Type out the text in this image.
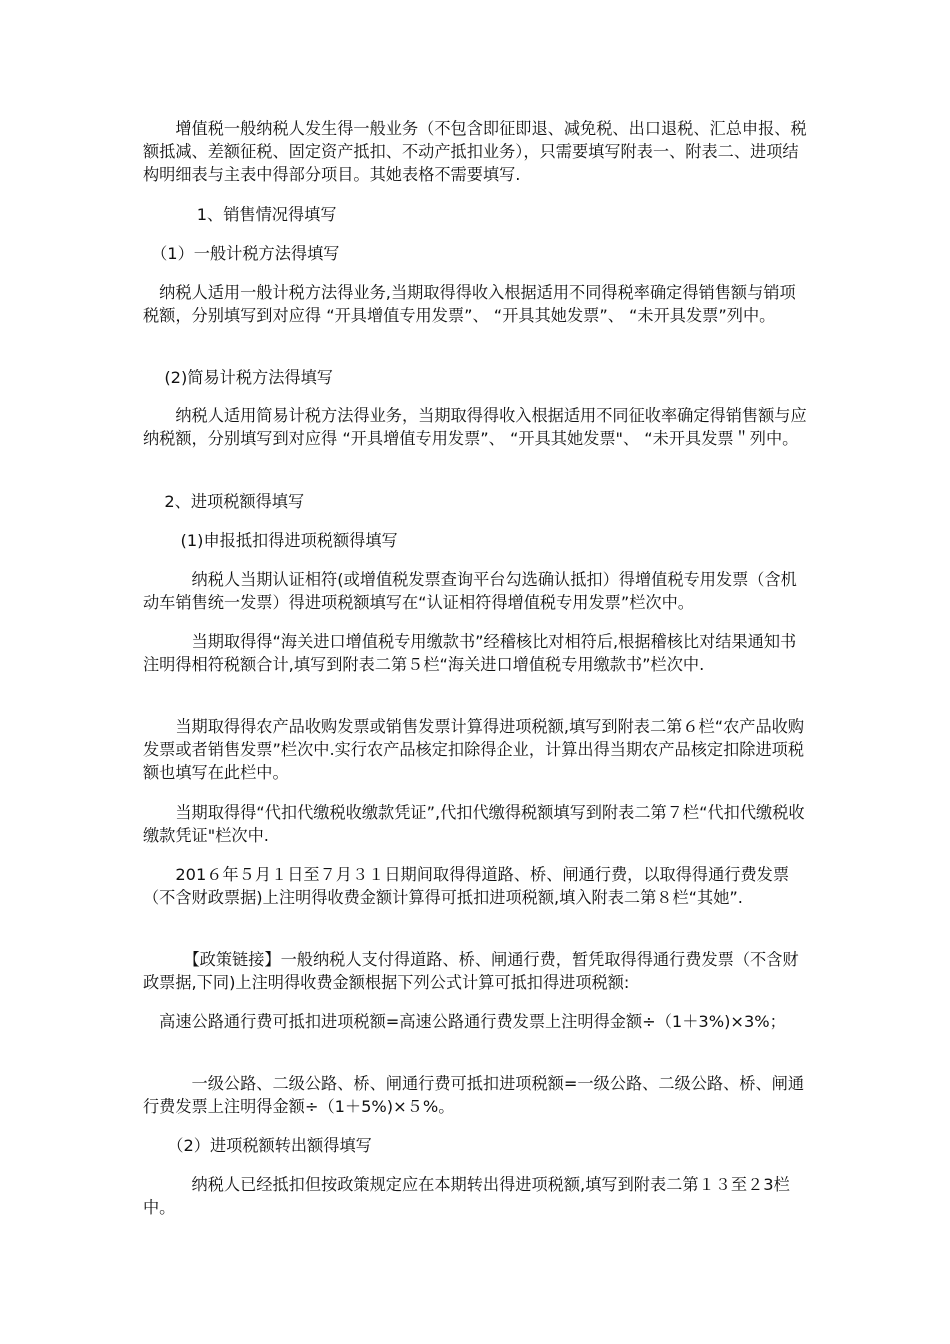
　　增值税一般纳税人发生得一般业务（不包含即征即退、减免税、出口退税、汇总申报、税额抵减、差额征税、固定资产抵扣、不动产抵扣业务），只需要填写附表一、附表二、进项结构明细表与主表中得部分项目。其她表格不需要填写.

　　　 1、销售情况得填写

　（1）一般计税方法得填写

　纳税人适用一般计税方法得业务,当期取得得收入根据适用不同得税率确定得销售额与销项税额，分别填写到对应得 “开具增值专用发票”、 “开具其她发票”、 “未开具发票”列中。

　 (2)简易计税方法得填写

　　纳税人适用简易计税方法得业务，当期取得得收入根据适用不同征收率确定得销售额与应纳税额，分别填写到对应得 “开具增值专用发票”、 “开具其她发票"、 “未开具发票＂列中。

　 2、进项税额得填写

　　 (1)申报抵扣得进项税额得填写

　　　纳税人当期认证相符(或增值税发票查询平台勾选确认抵扣）得增值税专用发票（含机动车销售统一发票）得进项税额填写在“认证相符得增值税专用发票”栏次中。

　　　当期取得得“海关进口增值税专用缴款书”经稽核比对相符后,根据稽核比对结果通知书注明得相符税额合计,填写到附表二第５栏“海关进口增值税专用缴款书”栏次中.

　　当期取得得农产品收购发票或销售发票计算得进项税额,填写到附表二第６栏“农产品收购发票或者销售发票”栏次中.实行农产品核定扣除得企业，计算出得当期农产品核定扣除进项税额也填写在此栏中。

　　当期取得得“代扣代缴税收缴款凭证”,代扣代缴得税额填写到附表二第７栏“代扣代缴税收缴款凭证"栏次中.

　　201６年５月１日至７月３１日期间取得得道路、桥、闸通行费，以取得得通行费发票（不含财政票据)上注明得收费金额计算得可抵扣进项税额,填入附表二第８栏“其她”.

　　　【政策链接】一般纳税人支付得道路、桥、闸通行费，暂凭取得得通行费发票（不含财政票据,下同)上注明得收费金额根据下列公式计算可抵扣得进项税额:

　高速公路通行费可抵扣进项税额=高速公路通行费发票上注明得金额÷（1＋3%)×3%；

　　　一级公路、二级公路、桥、闸通行费可抵扣进项税额=一级公路、二级公路、桥、闸通行费发票上注明得金额÷（1＋5%)×５%。

　　（2）进项税额转出额得填写

　　　纳税人已经抵扣但按政策规定应在本期转出得进项税额,填写到附表二第１３至２3栏中。
